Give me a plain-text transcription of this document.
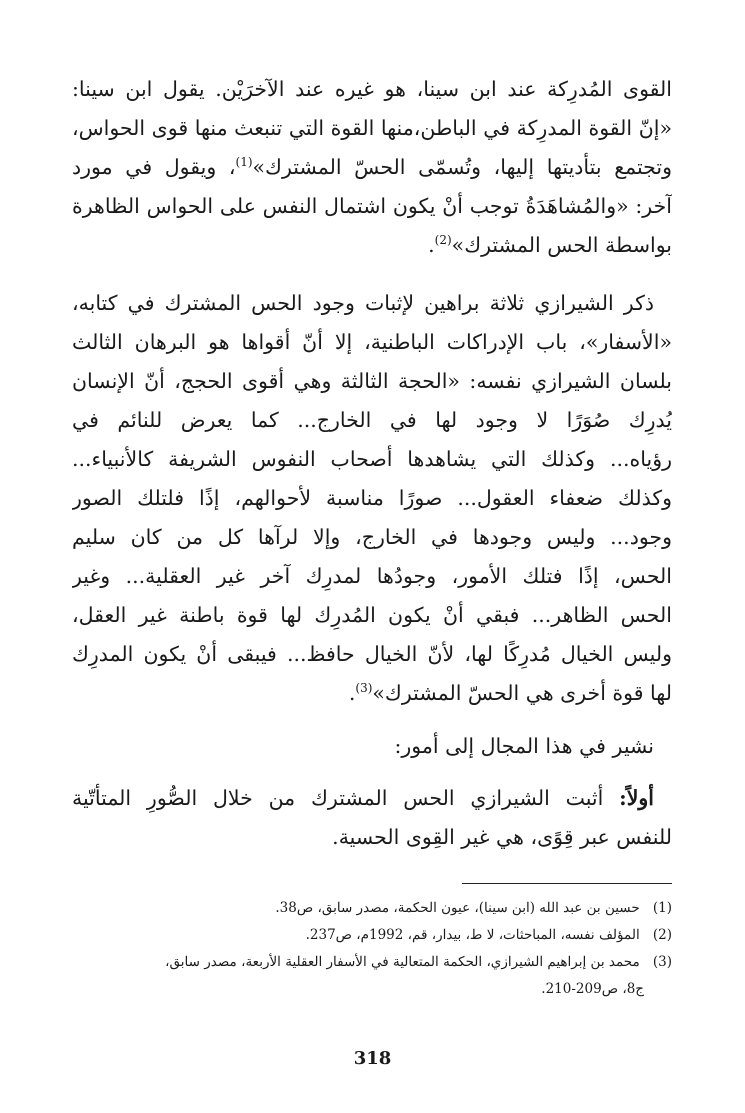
القوى المُدرِكة عند ابن سينا، هو غيره عند الآخرَيْن. يقول ابن سينا:
«إنّ القوة المدرِكة في الباطن،منها القوة التي تنبعث منها قوى الحواس،
وتجتمع بتأديتها إليها، وتُسمّى الحسّ المشترك»$^{(1)}$، ويقول في مورد
آخر: «والمُشاهَدَةُ توجب أنْ يكون اشتمال النفس على الحواس الظاهرة
بواسطة الحس المشترك»$^{(2)}$.
ذكر الشيرازي ثلاثة براهين لإثبات وجود الحس المشترك في كتابه،
«الأسفار»، باب الإدراكات الباطنية، إلا أنّ أقواها هو البرهان الثالث
بلسان الشيرازي نفسه: «الحجة الثالثة وهي أقوى الحجج، أنّ الإنسان
يُدرِك صُوَرًا لا وجود لها في الخارج... كما يعرض للنائم في
رؤياه... وكذلك التي يشاهدها أصحاب النفوس الشريفة كالأنبياء...
وكذلك ضعفاء العقول... صورًا مناسبة لأحوالهم، إذًا فلتلك الصور
وجود... وليس وجودها في الخارج، وإلا لرآها كل من كان سليم
الحس، إذًا فتلك الأمور، وجودُها لمدرِك آخر غير العقلية... وغير
الحس الظاهر... فبقي أنْ يكون المُدرِك لها قوة باطنة غير العقل،
وليس الخيال مُدرِكًا لها، لأنّ الخيال حافظ... فيبقى أنْ يكون المدرِك
لها قوة أخرى هي الحسّ المشترك»$^{(3)}$.
نشير في هذا المجال إلى أمور:
أولاً: أثبت الشيرازي الحس المشترك من خلال الصُّورِ المتأتّية
للنفس عبر قِوًى، هي غير القِوى الحسية.
(1) حسين بن عبد الله (ابن سينا)، عيون الحكمة، مصدر سابق، ص38.
(2) المؤلف نفسه، المباحثات، لا ط، بيدار، قم، 1992م، ص237.
(3) محمد بن إبراهيم الشيرازي، الحكمة المتعالية في الأسفار العقلية الأربعة، مصدر سابق،
ج8، ص209-210.
318
